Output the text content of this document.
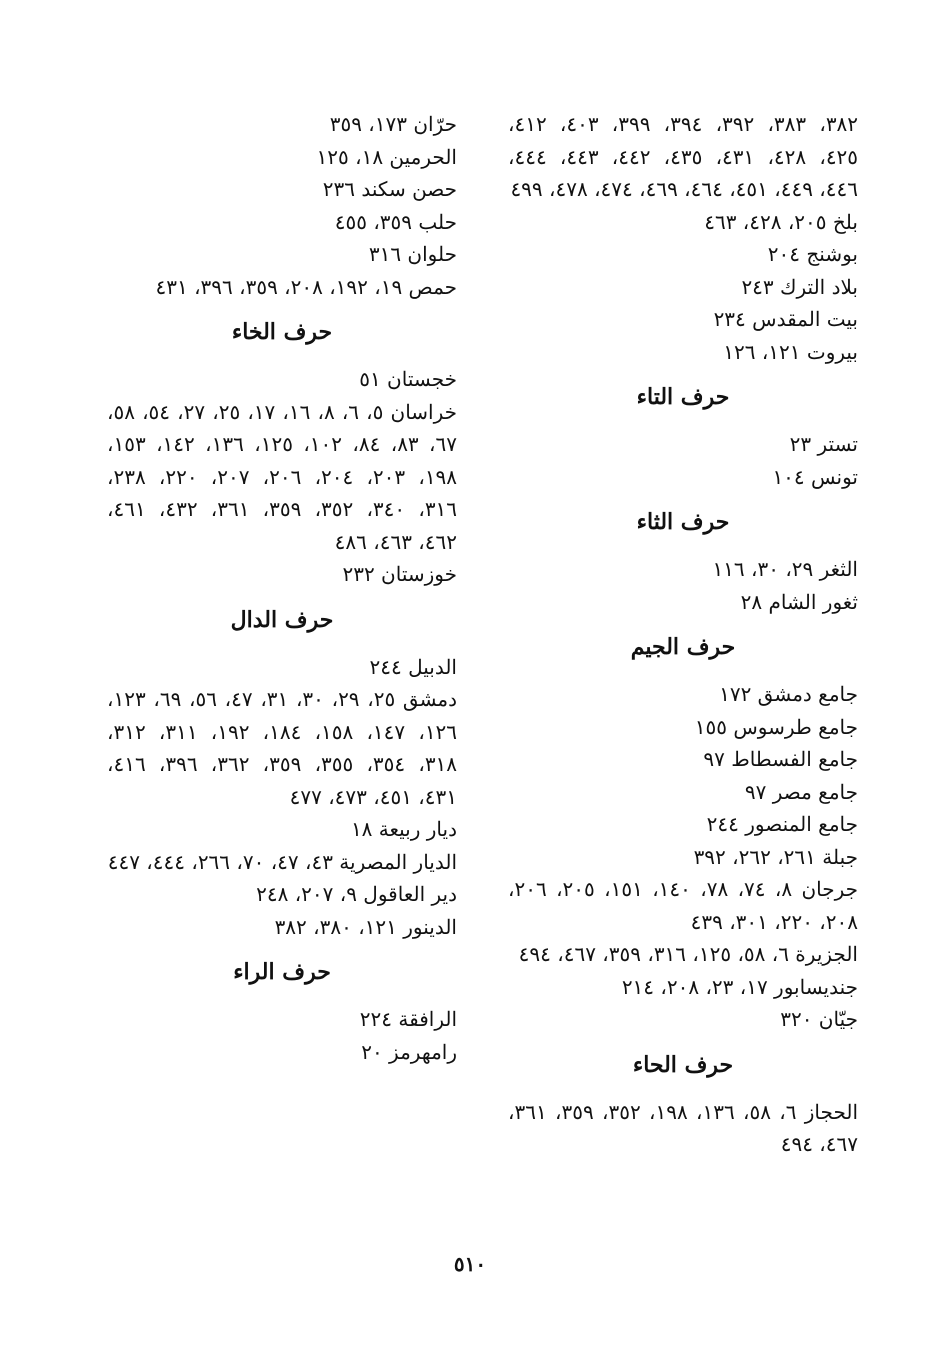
٣٨٢، ٣٨٣، ٣٩٢، ٣٩٤، ٣٩٩، ٤٠٣، ٤١٢، ٤٢٥، ٤٢٨، ٤٣١، ٤٣٥، ٤٤٢، ٤٤٣، ٤٤٤، ٤٤٦، ٤٤٩، ٤٥١، ٤٦٤، ٤٦٩، ٤٧٤، ٤٧٨، ٤٩٩
بلخ ٢٠٥، ٤٢٨، ٤٦٣
بوشنج ٢٠٤
بلاد الترك ٢٤٣
بيت المقدس ٢٣٤
بيروت ١٢١، ١٢٦
حرف التاء
تستر ٢٣
تونس ١٠٤
حرف الثاء
الثغر ٢٩، ٣٠، ١١٦
ثغور الشام ٢٨
حرف الجيم
جامع دمشق ١٧٢
جامع طرسوس ١٥٥
جامع الفسطاط ٩٧
جامع مصر ٩٧
جامع المنصور ٢٤٤
جبلة ٢٦١، ٢٦٢، ٣٩٢
جرجان ٨، ٧٤، ٧٨، ١٤٠، ١٥١، ٢٠٥، ٢٠٦، ٢٠٨، ٢٢٠، ٣٠١، ٤٣٩
الجزيرة ٦، ٥٨، ١٢٥، ٣١٦، ٣٥٩، ٤٦٧، ٤٩٤
جنديسابور ١٧، ٢٣، ٢٠٨، ٢١٤
جيّان ٣٢٠
حرف الحاء
الحجاز ٦، ٥٨، ١٣٦، ١٩٨، ٣٥٢، ٣٥٩، ٣٦١، ٤٦٧، ٤٩٤
حرّان ١٧٣، ٣٥٩
الحرمين ١٨، ١٢٥
حصن سكند ٢٣٦
حلب ٣٥٩، ٤٥٥
حلوان ٣١٦
حمص ١٩، ١٩٢، ٢٠٨، ٣٥٩، ٣٩٦، ٤٣١
حرف الخاء
خجستان ٥١
خراسان ٥، ٦، ٨، ١٦، ١٧، ٢٥، ٢٧، ٥٤، ٥٨، ٦٧، ٨٣، ٨٤، ١٠٢، ١٢٥، ١٣٦، ١٤٢، ١٥٣، ١٩٨، ٢٠٣، ٢٠٤، ٢٠٦، ٢٠٧، ٢٢٠، ٢٣٨، ٣١٦، ٣٤٠، ٣٥٢، ٣٥٩، ٣٦١، ٤٣٢، ٤٦١، ٤٦٢، ٤٦٣، ٤٨٦
خوزستان ٢٣٢
حرف الدال
الدبيل ٢٤٤
دمشق ٢٥، ٢٩، ٣٠، ٣١، ٤٧، ٥٦، ٦٩، ١٢٣، ١٢٦، ١٤٧، ١٥٨، ١٨٤، ١٩٢، ٣١١، ٣١٢، ٣١٨، ٣٥٤، ٣٥٥، ٣٥٩، ٣٦٢، ٣٩٦، ٤١٦، ٤٣١، ٤٥١، ٤٧٣، ٤٧٧
ديار ربيعة ١٨
الديار المصرية ٤٣، ٤٧، ٧٠، ٢٦٦، ٤٤٤، ٤٤٧
دير العاقول ٩، ٢٠٧، ٢٤٨
الدينور ١٢١، ٣٨٠، ٣٨٢
حرف الراء
الرافقة ٢٢٤
رامهرمز ٢٠
٥١٠
